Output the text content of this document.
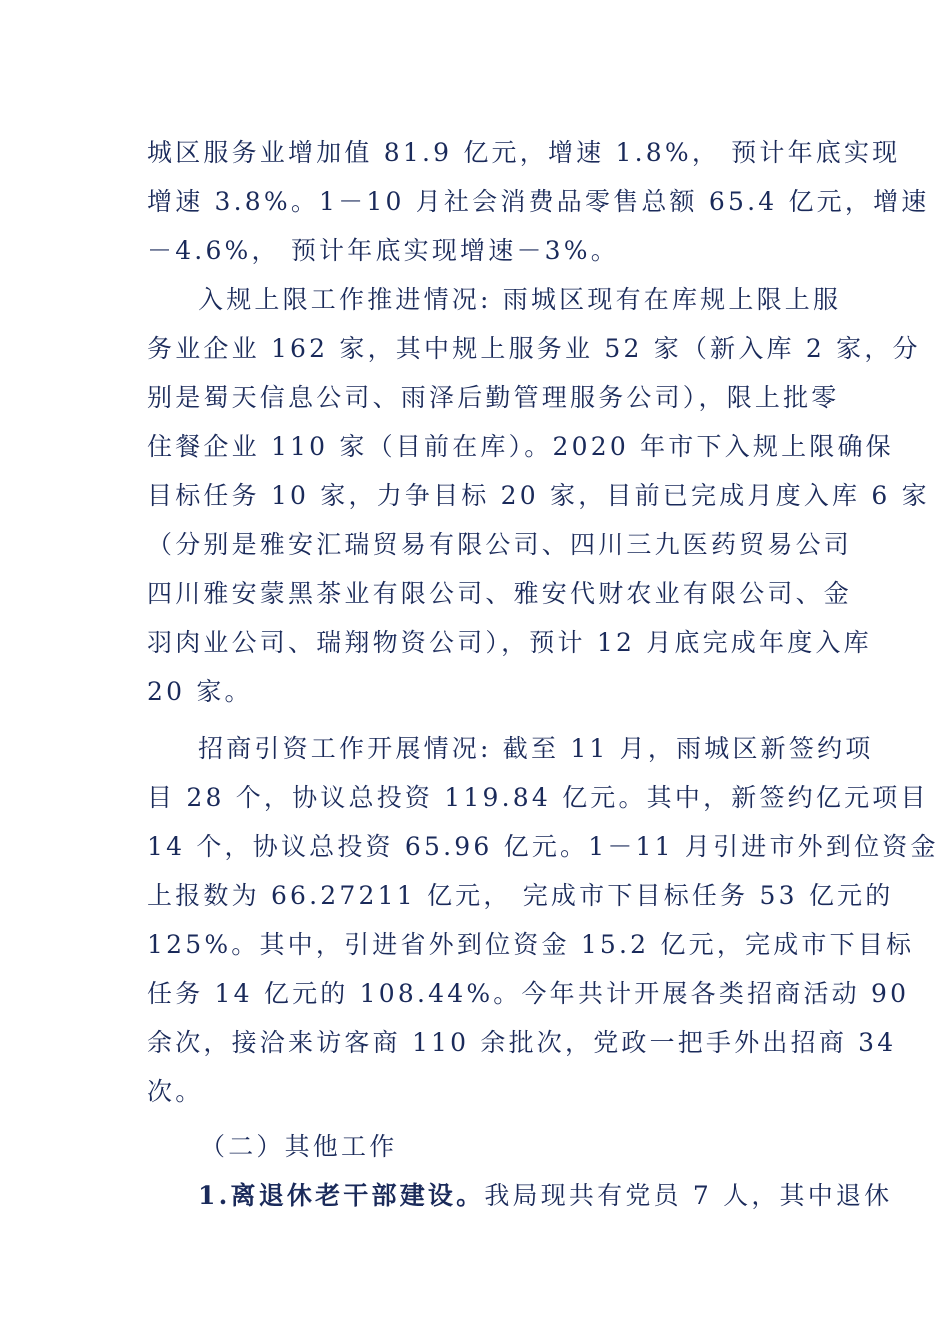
城区服务业增加值 81.9 亿元，增速 1.8%， 预计年底实现
增速 3.8%。1－10 月社会消费品零售总额 65.4 亿元，增速
－4.6%， 预计年底实现增速－3%。
入规上限工作推进情况: 雨城区现有在库规上限上服
务业企业 162 家，其中规上服务业 52 家（新入库 2 家，分
别是蜀天信息公司、雨泽后勤管理服务公司），限上批零
住餐企业 110 家（目前在库）。2020 年市下入规上限确保
目标任务 10 家，力争目标 20 家，目前已完成月度入库 6 家
（分别是雅安汇瑞贸易有限公司、四川三九医药贸易公司
四川雅安蒙黑茶业有限公司、雅安代财农业有限公司、金
羽肉业公司、瑞翔物资公司），预计 12 月底完成年度入库
20 家。
招商引资工作开展情况: 截至 11 月，雨城区新签约项
目 28 个，协议总投资 119.84 亿元。其中，新签约亿元项目
14 个，协议总投资 65.96 亿元。1－11 月引进市外到位资金
上报数为 66.27211 亿元， 完成市下目标任务 53 亿元的
125%。其中，引进省外到位资金 15.2 亿元，完成市下目标
任务 14 亿元的 108.44%。今年共计开展各类招商活动 90
余次，接洽来访客商 110 余批次，党政一把手外出招商 34
次。
（二）其他工作
1.离退休老干部建设。我局现共有党员 7 人，其中退休
